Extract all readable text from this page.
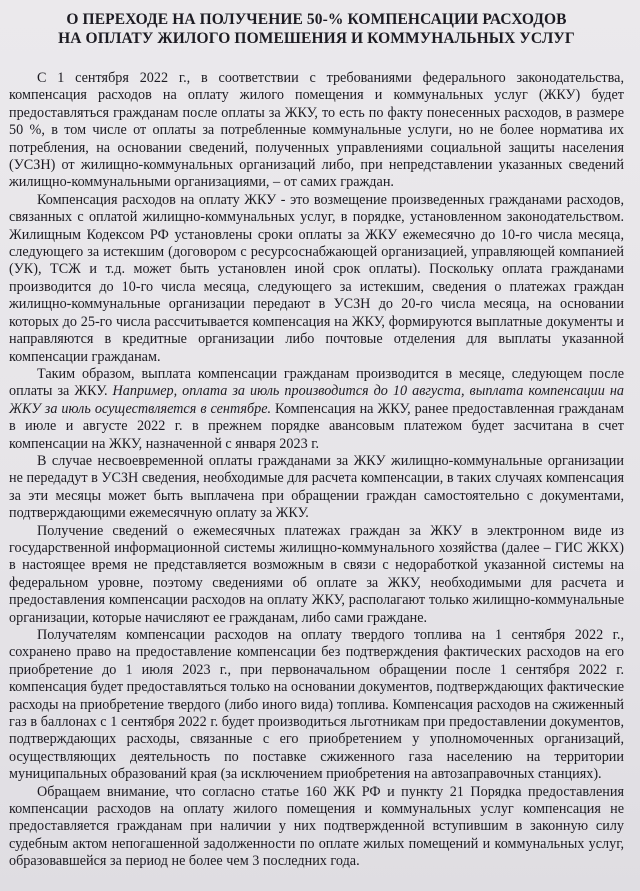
О ПЕРЕХОДЕ НА ПОЛУЧЕНИЕ 50-% КОМПЕНСАЦИИ РАСХОДОВ
НА ОПЛАТУ ЖИЛОГО ПОМЕШЕНИЯ И КОММУНАЛЬНЫХ УСЛУГ

С 1 сентября 2022 г., в соответствии с требованиями федерального законодательства, компенсация расходов на оплату жилого помещения и коммунальных услуг (ЖКУ) будет предоставляться гражданам после оплаты за ЖКУ, то есть по факту понесенных расходов, в размере 50 %, в том числе от оплаты за потребленные коммунальные услуги, но не более норматива их потребления, на основании сведений, полученных управлениями социальной защиты населения (УСЗН) от жилищно-коммунальных организаций либо, при непредставлении указанных сведений жилищно-коммунальными организациями, – от самих граждан.

Компенсация расходов на оплату ЖКУ - это возмещение произведенных гражданами расходов, связанных с оплатой жилищно-коммунальных услуг, в порядке, установленном законодательством. Жилищным Кодексом РФ установлены сроки оплаты за ЖКУ ежемесячно до 10-го числа месяца, следующего за истекшим (договором с ресурсоснабжающей организацией, управляющей компанией (УК), ТСЖ и т.д. может быть установлен иной срок оплаты). Поскольку оплата гражданами производится до 10-го числа месяца, следующего за истекшим, сведения о платежах граждан жилищно-коммунальные организации передают в УСЗН до 20-го числа месяца, на основании которых до 25-го числа рассчитывается компенсация на ЖКУ, формируются выплатные документы и направляются в кредитные организации либо почтовые отделения для выплаты указанной компенсации гражданам.

Таким образом, выплата компенсации гражданам производится в месяце, следующем после оплаты за ЖКУ. Например, оплата за июль производится до 10 августа, выплата компенсации на ЖКУ за июль осуществляется в сентябре. Компенсация на ЖКУ, ранее предоставленная гражданам в июле и августе 2022 г. в прежнем порядке авансовым платежом будет засчитана в счет компенсации на ЖКУ, назначенной с января 2023 г.

В случае несвоевременной оплаты гражданами за ЖКУ жилищно-коммунальные организации не передадут в УСЗН сведения, необходимые для расчета компенсации, в таких случаях компенсация за эти месяцы может быть выплачена при обращении граждан самостоятельно с документами, подтверждающими ежемесячную оплату за ЖКУ.

Получение сведений о ежемесячных платежах граждан за ЖКУ в электронном виде из государственной информационной системы жилищно-коммунального хозяйства (далее – ГИС ЖКХ) в настоящее время не представляется возможным в связи с недоработкой указанной системы на федеральном уровне, поэтому сведениями об оплате за ЖКУ, необходимыми для расчета и предоставления компенсации расходов на оплату ЖКУ, располагают только жилищно-коммунальные организации, которые начисляют ее гражданам, либо сами граждане.

Получателям компенсации расходов на оплату твердого топлива на 1 сентября 2022 г., сохранено право на предоставление компенсации без подтверждения фактических расходов на его приобретение до 1 июля 2023 г., при первоначальном обращении после 1 сентября 2022 г. компенсация будет предоставляться только на основании документов, подтверждающих фактические расходы на приобретение твердого (либо иного вида) топлива. Компенсация расходов на сжиженный газ в баллонах с 1 сентября 2022 г. будет производиться льготникам при предоставлении документов, подтверждающих расходы, связанные с его приобретением у уполномоченных организаций, осуществляющих деятельность по поставке сжиженного газа населению на территории муниципальных образований края (за исключением приобретения на автозаправочных станциях).

Обращаем внимание, что согласно статье 160 ЖК РФ и пункту 21 Порядка предоставления компенсации расходов на оплату жилого помещения и коммунальных услуг компенсация не предоставляется гражданам при наличии у них подтвержденной вступившим в законную силу судебным актом непогашенной задолженности по оплате жилых помещений и коммунальных услуг, образовавшейся за период не более чем 3 последних года.
